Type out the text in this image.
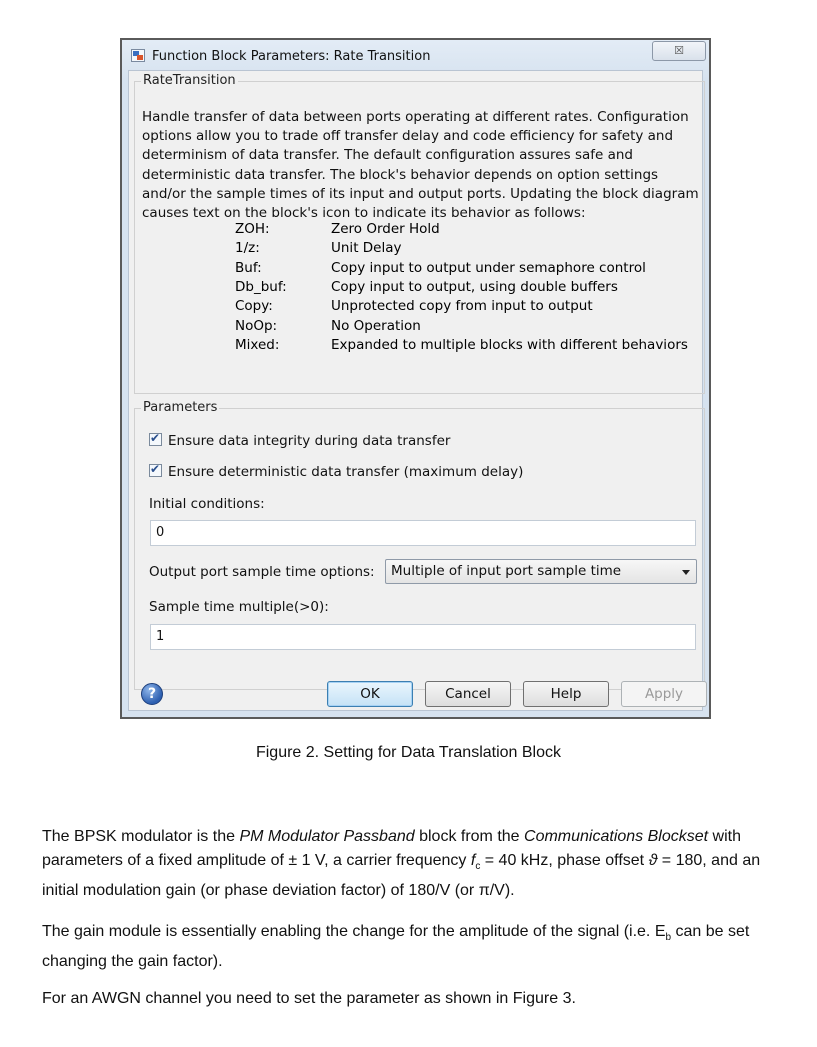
Function Block Parameters: Rate Transition	☒
RateTransition

Handle transfer of data between ports operating at different rates. Configuration options allow you to trade off transfer delay and code efficiency for safety and determinism of data transfer. The default configuration assures safe and deterministic data transfer. The block's behavior depends on option settings and/or the sample times of its input and output ports. Updating the block diagram causes text on the block's icon to indicate its behavior as follows:

ZOH:	Zero Order Hold
1/z:	Unit Delay
Buf:	Copy input to output under semaphore control
Db_buf:	Copy input to output, using double buffers
Copy:	Unprotected copy from input to output
NoOp:	No Operation
Mixed:	Expanded to multiple blocks with different behaviors
Parameters
✔ Ensure data integrity during data transfer
✔ Ensure deterministic data transfer (maximum delay)
Initial conditions:
0
Output port sample time options:	Multiple of input port sample time
Sample time multiple(>0):
1
?	OK	Cancel	Help	Apply
Figure 2. Setting for Data Translation Block

The BPSK modulator is the PM Modulator Passband block from the Communications Blockset with parameters of a fixed amplitude of ± 1 V, a carrier frequency $f_c = 40$ kHz, phase offset ϑ = 180, and an initial modulation gain (or phase deviation factor) of 180/V (or π/V).

The gain module is essentially enabling the change for the amplitude of the signal (i.e. $E_b$ can be set changing the gain factor).

For an AWGN channel you need to set the parameter as shown in Figure 3.
